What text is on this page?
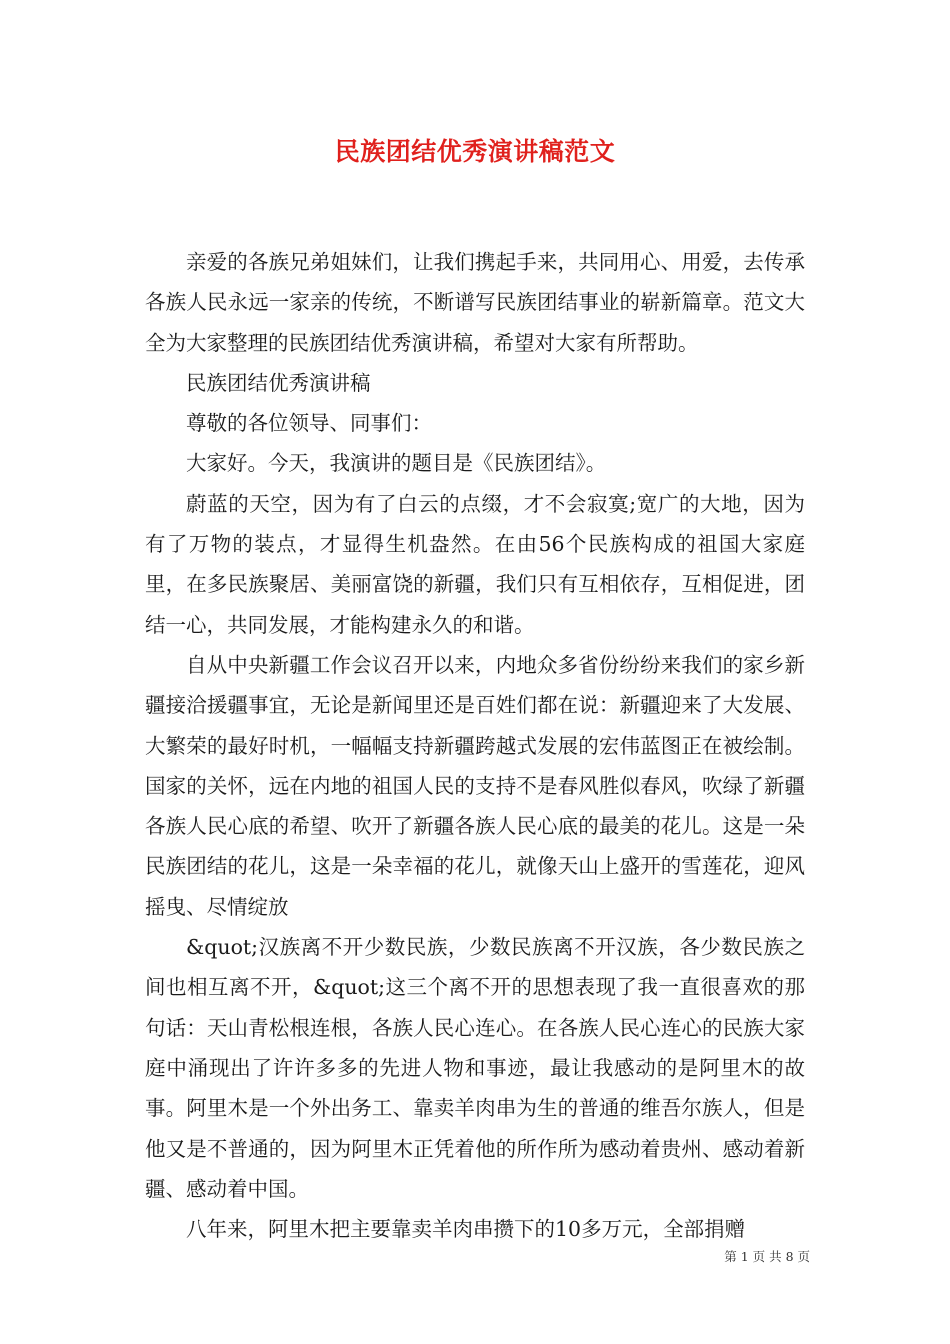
民族团结优秀演讲稿范文

亲爱的各族兄弟姐妹们，让我们携起手来，共同用心、用爱，去传承各族人民永远一家亲的传统，不断谱写民族团结事业的崭新篇章。范文大全为大家整理的民族团结优秀演讲稿，希望对大家有所帮助。

民族团结优秀演讲稿

尊敬的各位领导、同事们：

大家好。今天，我演讲的题目是《民族团结》。

蔚蓝的天空，因为有了白云的点缀，才不会寂寞;宽广的大地，因为有了万物的装点，才显得生机盎然。在由56个民族构成的祖国大家庭里，在多民族聚居、美丽富饶的新疆，我们只有互相依存，互相促进，团结一心，共同发展，才能构建永久的和谐。

自从中央新疆工作会议召开以来，内地众多省份纷纷来我们的家乡新疆接洽援疆事宜，无论是新闻里还是百姓们都在说：新疆迎来了大发展、大繁荣的最好时机，一幅幅支持新疆跨越式发展的宏伟蓝图正在被绘制。国家的关怀，远在内地的祖国人民的支持不是春风胜似春风，吹绿了新疆各族人民心底的希望、吹开了新疆各族人民心底的最美的花儿。这是一朵民族团结的花儿，这是一朵幸福的花儿，就像天山上盛开的雪莲花，迎风摇曳、尽情绽放

&quot;汉族离不开少数民族，少数民族离不开汉族，各少数民族之间也相互离不开，&quot;这三个离不开的思想表现了我一直很喜欢的那句话：天山青松根连根，各族人民心连心。在各族人民心连心的民族大家庭中涌现出了许许多多的先进人物和事迹，最让我感动的是阿里木的故事。阿里木是一个外出务工、靠卖羊肉串为生的普通的维吾尔族人，但是他又是不普通的，因为阿里木正凭着他的所作所为感动着贵州、感动着新疆、感动着中国。

八年来，阿里木把主要靠卖羊肉串攒下的10多万元，全部捐赠

第 1 页 共 8 页
